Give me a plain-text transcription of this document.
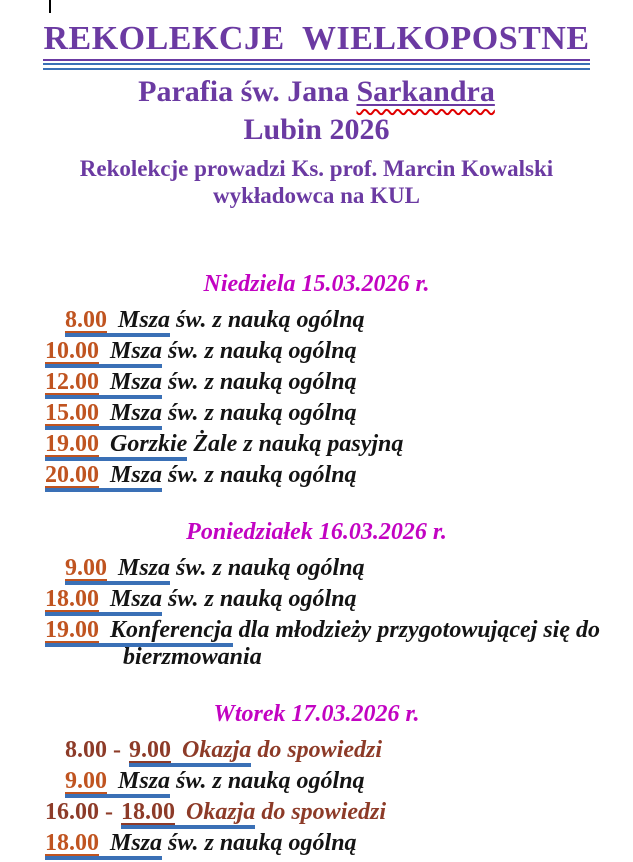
REKOLEKCJE  WIELKOPOSTNE
Parafia św. Jana Sarkandra
Lubin 2026
Rekolekcje prowadzi Ks. prof. Marcin Kowalski
wykładowca na KUL
Niedziela 15.03.2026 r.
8.00 Msza św. z nauką ogólną
10.00 Msza św. z nauką ogólną
12.00 Msza św. z nauką ogólną
15.00 Msza św. z nauką ogólną
19.00 Gorzkie Żale z nauką pasyjną
20.00 Msza św. z nauką ogólną
Poniedziałek 16.03.2026 r.
9.00 Msza św. z nauką ogólną
18.00 Msza św. z nauką ogólną
19.00 Konferencja dla młodzieży przygotowującej się do bierzmowania
Wtorek 17.03.2026 r.
8.00 - 9.00 Okazja do spowiedzi
9.00 Msza św. z nauką ogólną
16.00 - 18.00 Okazja do spowiedzi
18.00 Msza św. z nauką ogólną
